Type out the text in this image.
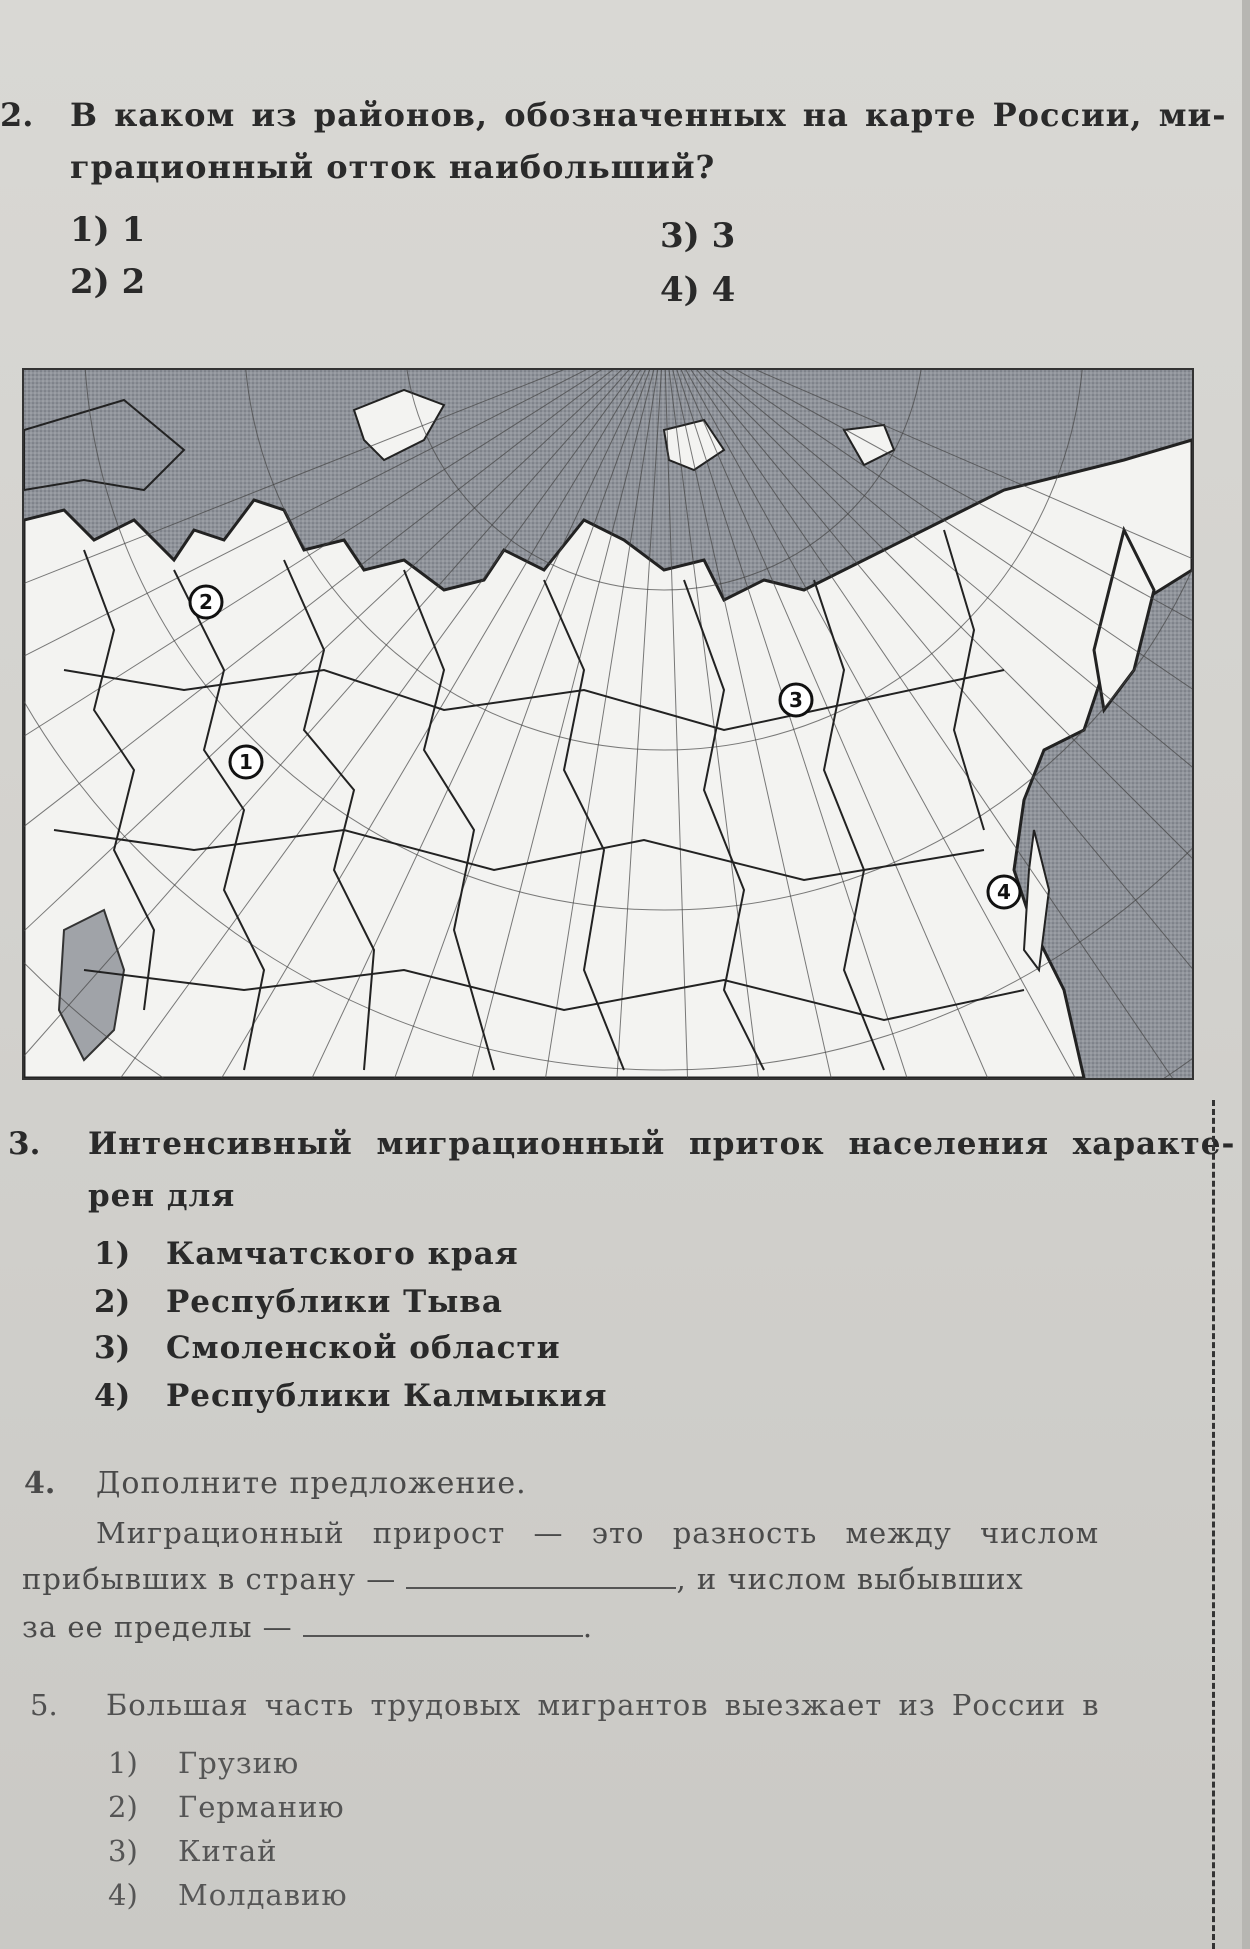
2. В каком из районов, обозначенных на карте России, ми-
грационный отток наибольший?
1) 1
2) 2
3) 3
4) 4
1
2
3
4
3. Интенсивный миграционный приток населения характе-
рен для
1) Камчатского края
2) Республики Тыва
3) Смоленской области
4) Республики Калмыкия
4. Дополните предложение.
Миграционный прирост — это разность между числом
прибывших в страну —	, и числом выбывших
за ее пределы —	.
5. Большая часть трудовых мигрантов выезжает из России в
1) Грузию
2) Германию
3) Китай
4) Молдавию
